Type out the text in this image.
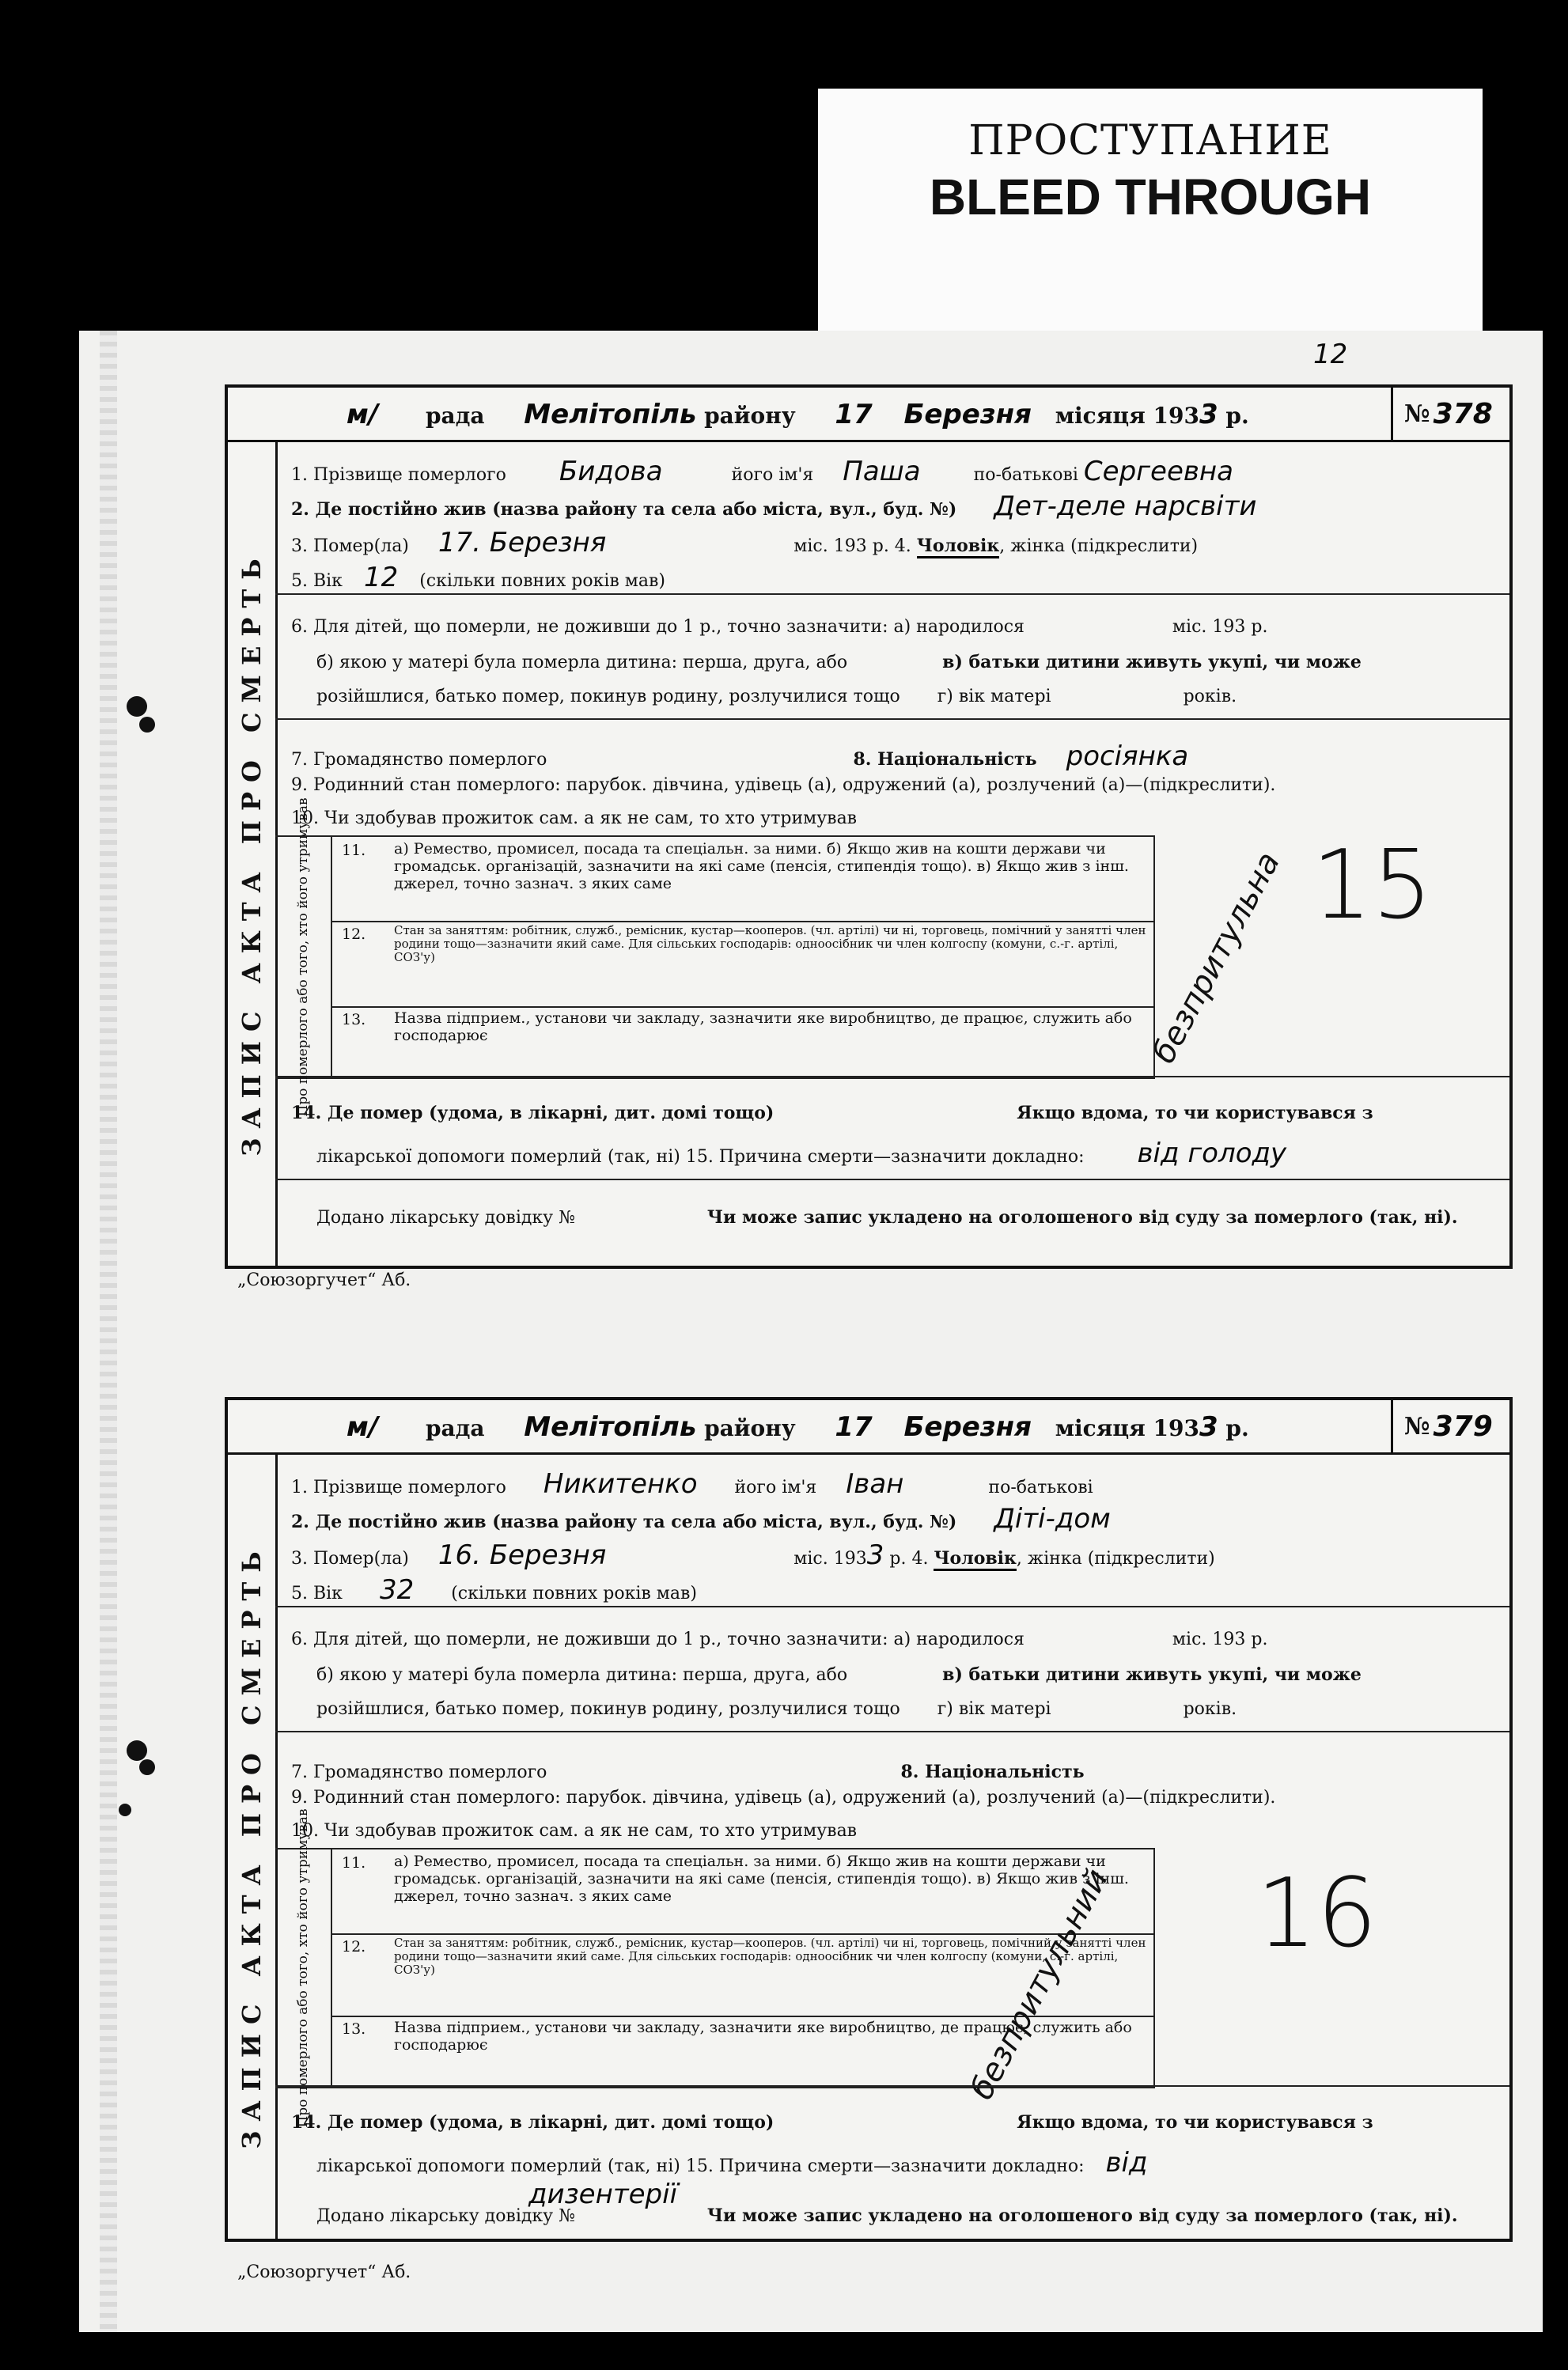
ПРОСТУПАНИЕ
BLEED THROUGH
12
м/ рада Мелітопіль району 17 Березня місяця 1933 р.	№ 378
ЗАПИС АКТА ПРО СМЕРТЬ
1. Прізвище померлого Бидова	його ім'я Паша	по-батькові Сергеевна
2. Де постійно жив (назва району та села або міста, вул., буд. №) Дет-деле нарсвіти
3. Помер(ла) 17. Березня	міс. 193 р. 4. Чоловік, жінка (підкреслити)
5. Вік 12 (скільки повних років мав)
6. Для дітей, що померли, не доживши до 1 р., точно зазначити: а) народилося	міс. 193 р.
б) якою у матері була померла дитина: перша, друга, або	в) батьки дитини живуть укупі, чи може
розійшлися, батько помер, покинув родину, розлучилися тощо г) вік матері	років.
7. Громадянство померлого	8. Національність росіянка
9. Родинний стан померлого: парубок. дівчина, удівець (а), одружений (а), розлучений (а)—(підкреслити).
10. Чи здобував прожиток сам. а як не сам, то хто утримував
Про померлого або того, хто його утримував 11. а) Ремество, промисел, посада та спеціальн. за ними. б) Якщо жив на кошти держави чи громадськ. організацій, зазначити на які саме (пенсія, стипендія тощо). в) Якщо жив з інш. джерел, точно зазнач. з яких саме
12. Стан за заняттям: робітник, служб., ремісник, кустар—кооперов. (чл. артілі) чи ні, торговець, помічний у занятті член родини тощо—зазначити який саме. Для сільських господарів: одноосібник чи член колгоспу (комуни, с.-г. артілі, СОЗ'у)
13. Назва підприем., установи чи закладу, зазначити яке виробництво, де працює, служить або господарює	безпритульна 15
14. Де помер (удома, в лікарні, дит. домі тощо)	Якщо вдома, то чи користувався з
лікарської допомоги померлий (так, ні) 15. Причина смерти—зазначити докладно: від голоду
Додано лікарську довідку №	Чи може запис укладено на оголошеного від суду за померлого (так, ні).
„Союзоргучет“ Аб.
м/ рада Мелітопіль району 17 Березня місяця 1933 р.	№ 379
ЗАПИС АКТА ПРО СМЕРТЬ
1. Прізвище померлого Никитенко його ім'я Іван	по-батькові
2. Де постійно жив (назва району та села або міста, вул., буд. №) Діті-дом
3. Помер(ла) 16. Березня	міс. 1933 р. 4. Чоловік, жінка (підкреслити)
5. Вік 32 (скільки повних років мав)
6. Для дітей, що померли, не доживши до 1 р., точно зазначити: а) народилося	міс. 193 р.
б) якою у матері була померла дитина: перша, друга, або	в) батьки дитини живуть укупі, чи може
розійшлися, батько помер, покинув родину, розлучилися тощо г) вік матері	років.
7. Громадянство померлого	8. Національність
9. Родинний стан померлого: парубок. дівчина, удівець (а), одружений (а), розлучений (а)—(підкреслити).
10. Чи здобував прожиток сам. а як не сам, то хто утримував
Про померлого або того, хто його утримував 11. а) Ремество, промисел, посада та спеціальн. за ними. б) Якщо жив на кошти держави чи громадськ. організацій, зазначити на які саме (пенсія, стипендія тощо). в) Якщо жив з інш. джерел, точно зазнач. з яких саме
12. Стан за заняттям: робітник, служб., ремісник, кустар—кооперов. (чл. артілі) чи ні, торговець, помічний у занятті член родини тощо—зазначити який саме. Для сільських господарів: одноосібник чи член колгоспу (комуни, с.-г. артілі, СОЗ'у)
13. Назва підприем., установи чи закладу, зазначити яке виробництво, де працює, служить або господарює	безпритульний 16
14. Де помер (удома, в лікарні, дит. домі тощо)	Якщо вдома, то чи користувався з
лікарської допомоги померлий (так, ні) 15. Причина смерти—зазначити докладно: від
дизентерії
Додано лікарську довідку №	Чи може запис укладено на оголошеного від суду за померлого (так, ні).
„Союзоргучет“ Аб.
